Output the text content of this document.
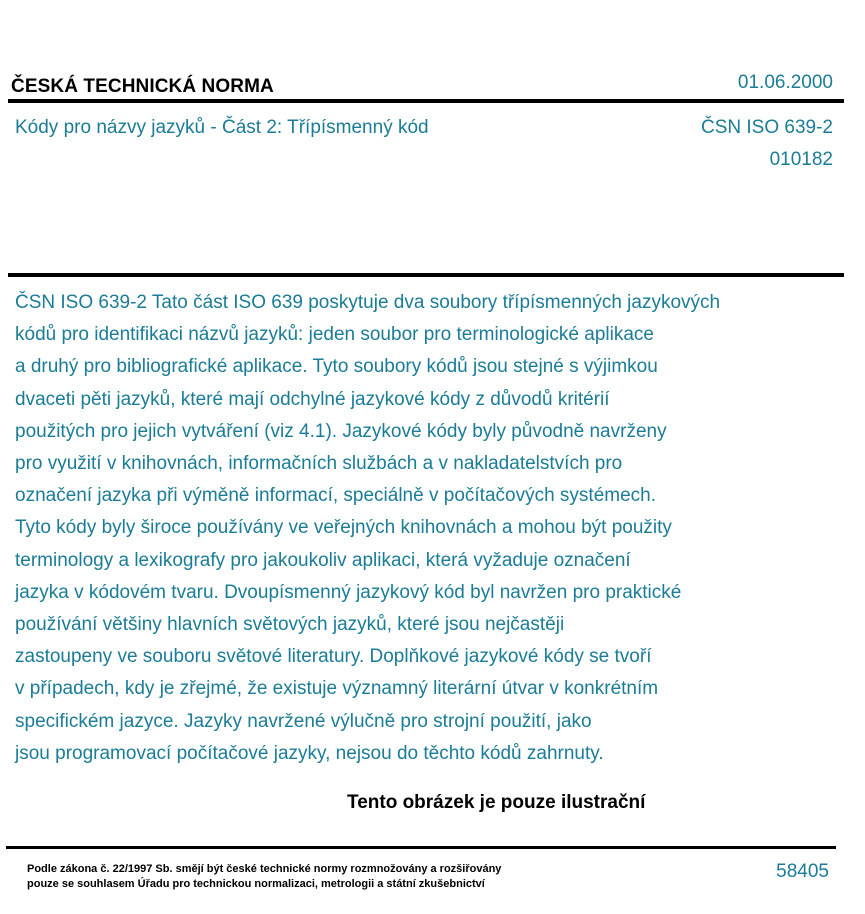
ČESKÁ TECHNICKÁ NORMA	01.06.2000
Kódy pro názvy jazyků - Část 2: Třípísmenný kód	ČSN ISO 639-2
010182
ČSN ISO 639-2 Tato část ISO 639 poskytuje dva soubory třípísmenných jazykových
kódů pro identifikaci názvů jazyků: jeden soubor pro terminologické aplikace
a druhý pro bibliografické aplikace. Tyto soubory kódů jsou stejné s výjimkou
dvaceti pěti jazyků, které mají odchylné jazykové kódy z důvodů kritérií
použitých pro jejich vytváření (viz 4.1). Jazykové kódy byly původně navrženy
pro využití v knihovnách, informačních službách a v nakladatelstvích pro
označení jazyka při výměně informací, speciálně v počítačových systémech.
Tyto kódy byly široce používány ve veřejných knihovnách a mohou být použity
terminology a lexikografy pro jakoukoliv aplikaci, která vyžaduje označení
jazyka v kódovém tvaru. Dvoupísmenný jazykový kód byl navržen pro praktické
používání většiny hlavních světových jazyků, které jsou nejčastěji
zastoupeny ve souboru světové literatury. Doplňkové jazykové kódy se tvoří
v případech, kdy je zřejmé, že existuje významný literární útvar v konkrétním
specifickém jazyce. Jazyky navržené výlučně pro strojní použití, jako
jsou programovací počítačové jazyky, nejsou do těchto kódů zahrnuty.
Tento obrázek je pouze ilustrační
Podle zákona č. 22/1997 Sb. smějí být české technické normy rozmnožovány a rozšiřovány
pouze se souhlasem Úřadu pro technickou normalizaci, metrologii a státní zkušebnictví
58405
